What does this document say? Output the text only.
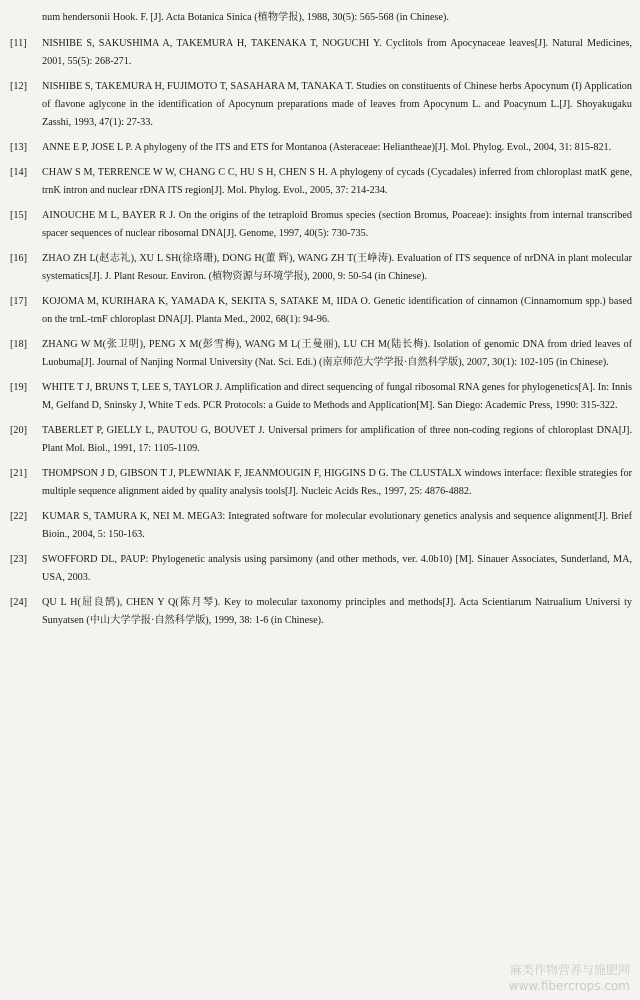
num hendersonii Hook. F. [J]. Acta Botanica Sinica (植物学报), 1988, 30(5): 565-568 (in Chinese).

[11]	NISHIBE S, SAKUSHIMA A, TAKEMURA H, TAKENAKA T, NOGUCHI Y. Cyclitols from Apocynaceae leaves[J]. Natural Medicines, 2001, 55(5): 268-271.
[12]	NISHIBE S, TAKEMURA H, FUJIMOTO T, SASAHARA M, TANAKA T. Studies on constituents of Chinese herbs Apocynum (I) Application of flavone aglycone in the identification of Apocynum preparations made of leaves from Apocynum L. and Poacynum L.[J]. Shoyakugaku Zasshi, 1993, 47(1): 27-33.
[13]	ANNE E P, JOSE L P. A phylogeny of the ITS and ETS for Montanoa (Asteraceae: Heliantheae)[J]. Mol. Phylog. Evol., 2004, 31: 815-821.
[14]	CHAW S M, TERRENCE W W, CHANG C C, HU S H, CHEN S H. A phylogeny of cycads (Cycadales) inferred from chloroplast matK gene, trnK intron and nuclear rDNA ITS region[J]. Mol. Phylog. Evol., 2005, 37: 214-234.
[15]	AINOUCHE M L, BAYER R J. On the origins of the tetraploid Bromus species (section Bromus, Poaceae): insights from internal transcribed spacer sequences of nuclear ribosomal DNA[J]. Genome, 1997, 40(5): 730-735.
[16]	ZHAO ZH L(赵志礼), XU L SH(徐珞珊), DONG H(董 辉), WANG ZH T(王峥涛). Evaluation of ITS sequence of nrDNA in plant molecular systematics[J]. J. Plant Resour. Environ. (植物资源与环境学报), 2000, 9: 50-54 (in Chinese).
[17]	KOJOMA M, KURIHARA K, YAMADA K, SEKITA S, SATAKE M, IIDA O. Genetic identification of cinnamon (Cinnamomum spp.) based on the trnL-trnF chloroplast DNA[J]. Planta Med., 2002, 68(1): 94-96.
[18]	ZHANG W M(张卫明), PENG X M(彭雪梅), WANG M L(王曼丽), LU CH M(陆长梅). Isolation of genomic DNA from dried leaves of Luobuma[J]. Journal of Nanjing Normal University (Nat. Sci. Edi.) (南京师范大学学报·自然科学版), 2007, 30(1): 102-105 (in Chinese).
[19]	WHITE T J, BRUNS T, LEE S, TAYLOR J. Amplification and direct sequencing of fungal ribosomal RNA genes for phylogenetics[A]. In: Innis M, Gelfand D, Sninsky J, White T eds. PCR Protocols: a Guide to Methods and Application[M]. San Diego: Academic Press, 1990: 315-322.
[20]	TABERLET P, GIELLY L, PAUTOU G, BOUVET J. Universal primers for amplification of three non-coding regions of chloroplast DNA[J]. Plant Mol. Biol., 1991, 17: 1105-1109.
[21]	THOMPSON J D, GIBSON T J, PLEWNIAK F, JEANMOUGIN F, HIGGINS D G. The CLUSTALX windows interface: flexible strategies for multiple sequence alignment aided by quality analysis tools[J]. Nucleic Acids Res., 1997, 25: 4876-4882.
[22]	KUMAR S, TAMURA K, NEI M. MEGA3: Integrated software for molecular evolutionary genetics analysis and sequence alignment[J]. Brief Bioin., 2004, 5: 150-163.
[23]	SWOFFORD DL, PAUP: Phylogenetic analysis using parsimony (and other methods, ver. 4.0b10) [M]. Sinauer Associates, Sunderland, MA, USA, 2003.
[24]	QU L H(屈良鹄), CHEN Y Q(陈月琴). Key to molecular taxonomy principles and methods[J]. Acta Scientiarum Natrualium Universi ty Sunyatsen (中山大学学报·自然科学版), 1999, 38: 1-6 (in Chinese).
麻类作物营养与施肥网
www.fibercrops.com
